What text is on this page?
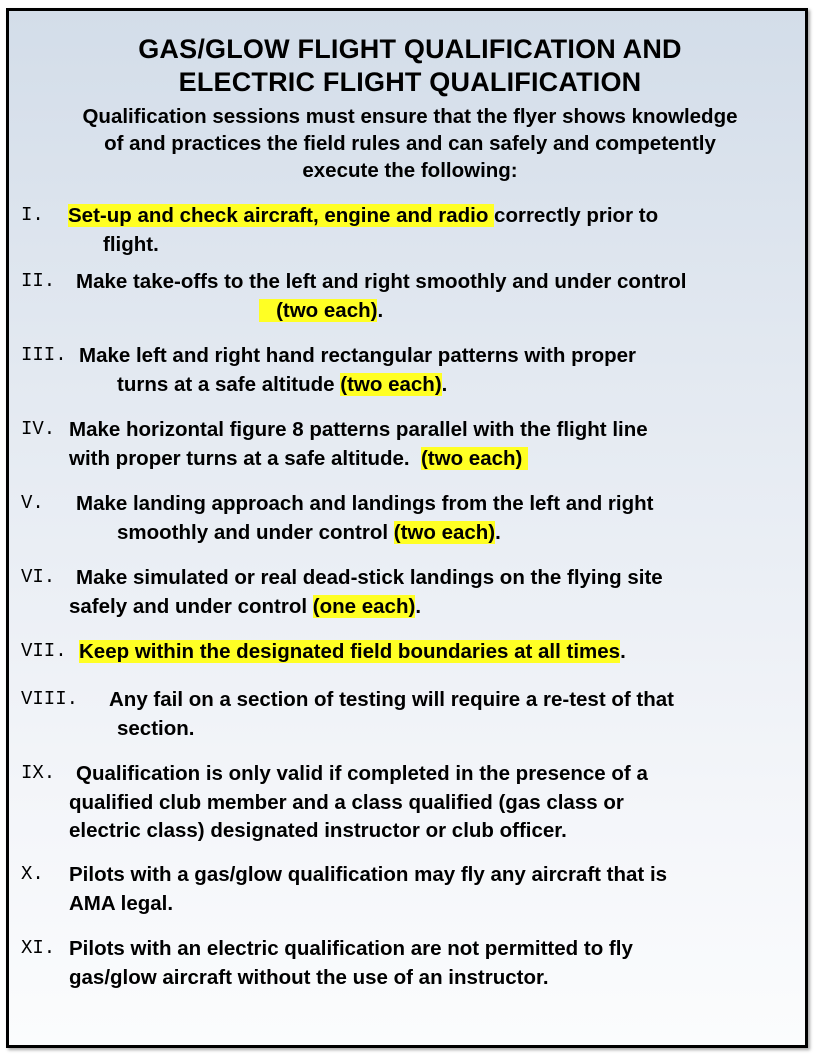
GAS/GLOW FLIGHT QUALIFICATION AND
ELECTRIC FLIGHT QUALIFICATION
Qualification sessions must ensure that the flyer shows knowledge
of and practices the field rules and can safely and competently
execute the following:
I. Set-up and check aircraft, engine and radio correctly prior to
flight.
II. Make take-offs to the left and right smoothly and under control
(two each).
III. Make left and right hand rectangular patterns with proper
turns at a safe altitude (two each).
IV. Make horizontal figure 8 patterns parallel with the flight line
with proper turns at a safe altitude.  (two each)
V. Make landing approach and landings from the left and right
smoothly and under control (two each).
VI. Make simulated or real dead-stick landings on the flying site
safely and under control (one each).
VII. Keep within the designated field boundaries at all times.
VIII. Any fail on a section of testing will require a re-test of that
section.
IX. Qualification is only valid if completed in the presence of a
qualified club member and a class qualified (gas class or
electric class) designated instructor or club officer.
X. Pilots with a gas/glow qualification may fly any aircraft that is
AMA legal.
XI. Pilots with an electric qualification are not permitted to fly
gas/glow aircraft without the use of an instructor.
